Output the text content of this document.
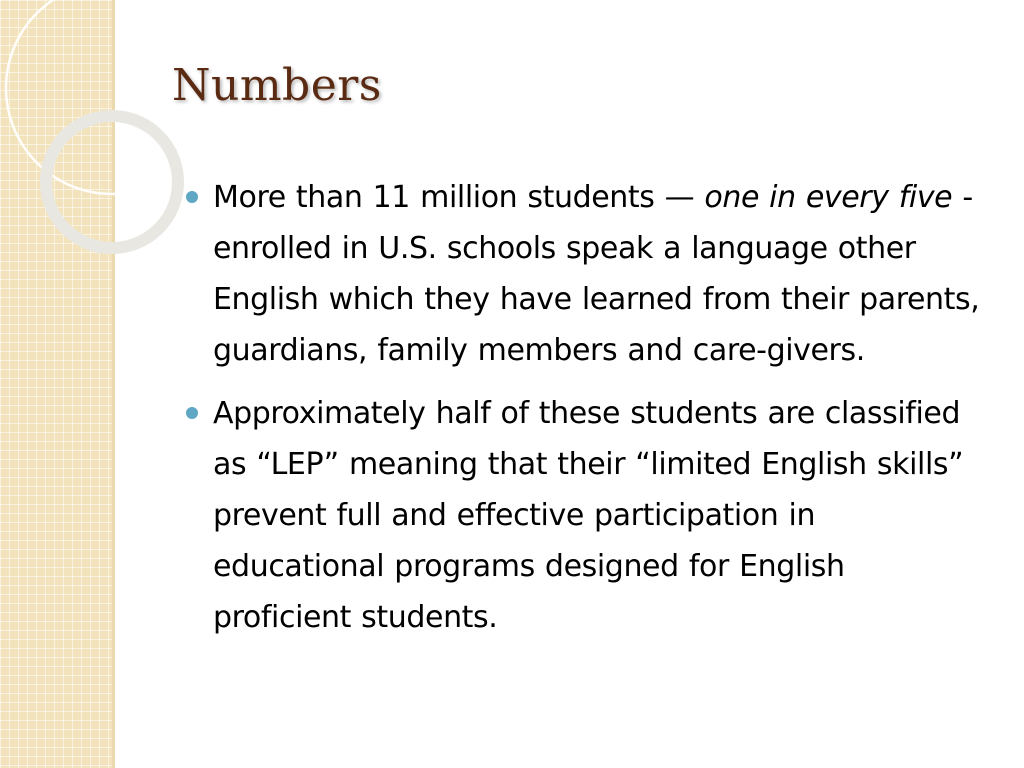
Numbers
More than 11 million students — one in every five - enrolled in U.S. schools speak a language other English which they have learned from their parents, guardians, family members and care-givers.
Approximately half of these students are classified as “LEP” meaning that their “limited English skills” prevent full and effective participation in educational programs designed for English proficient students.
